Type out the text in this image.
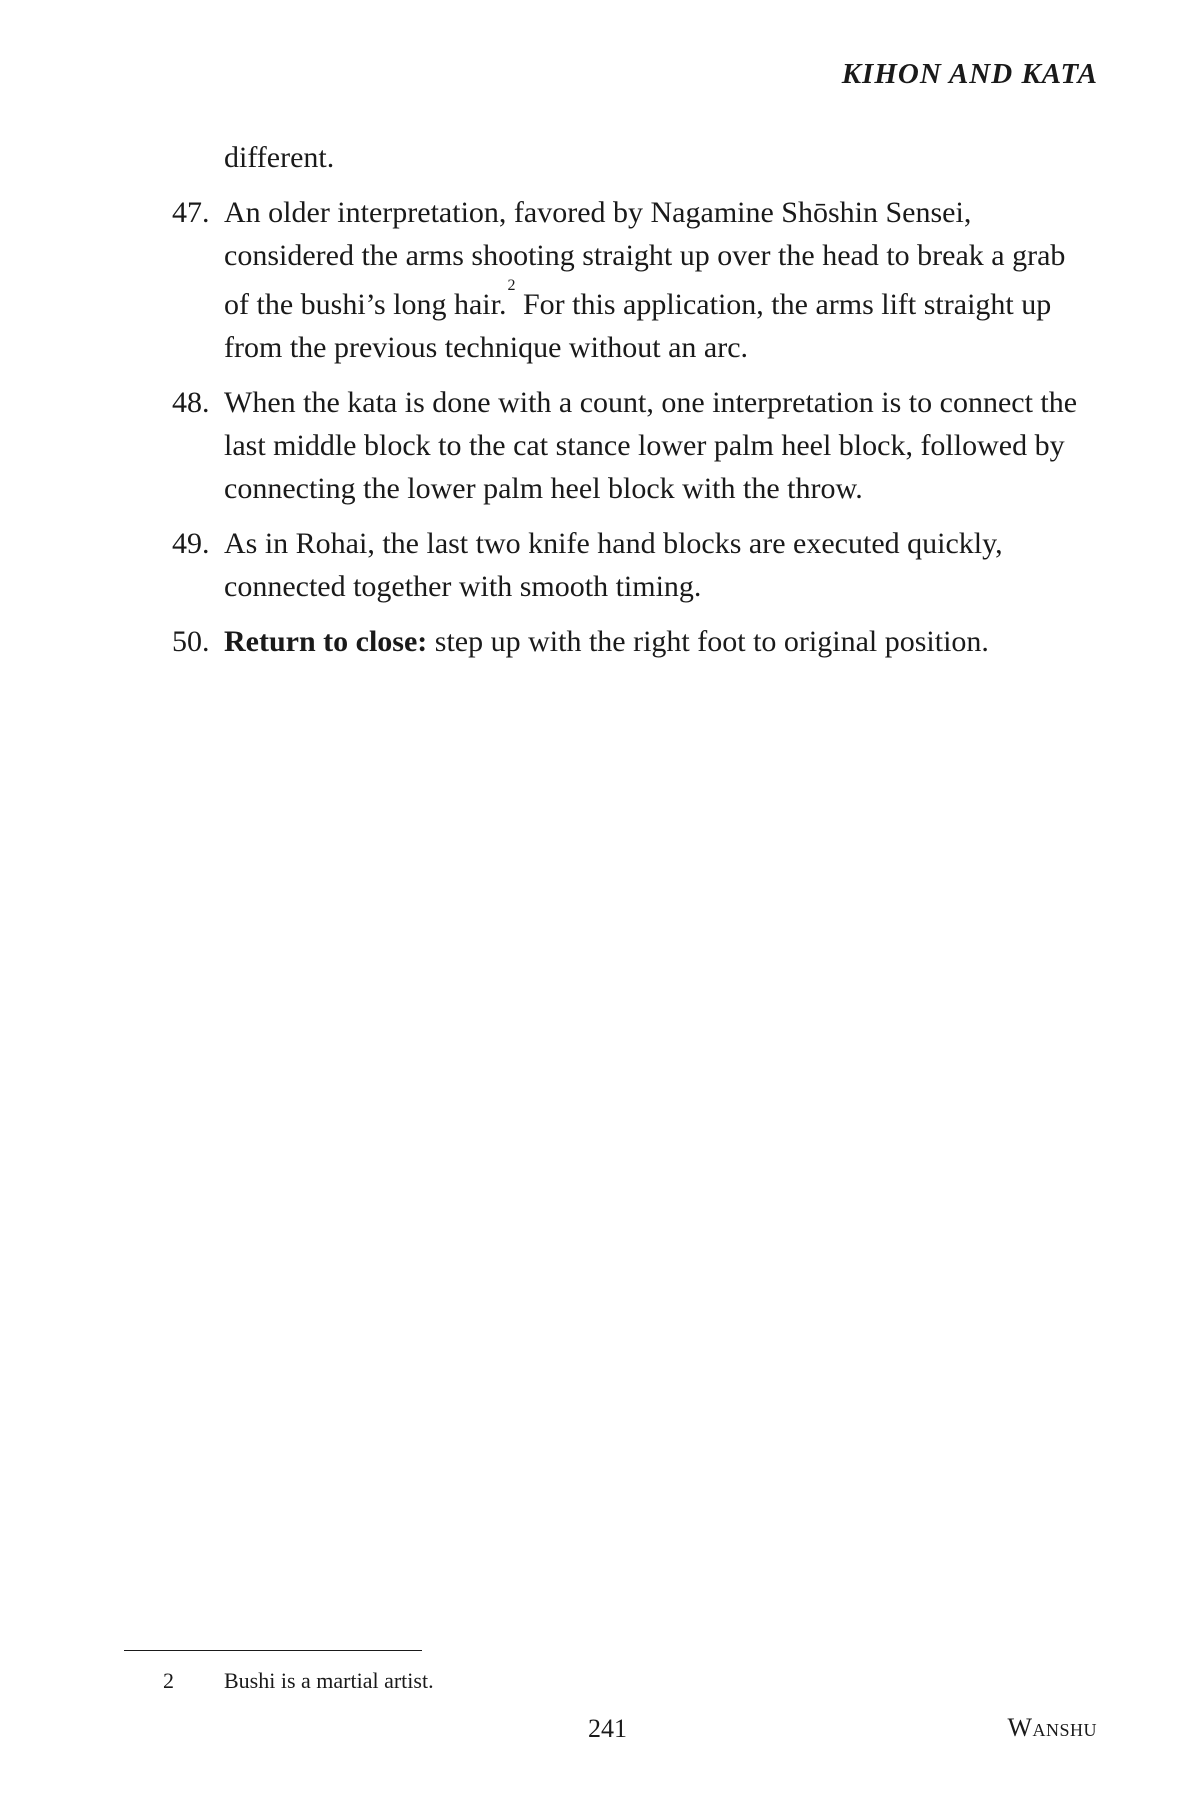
KIHON AND KATA

different.

47 . An older interpretation, favored by Nagamine Shōshin Sensei, considered the arms shooting straight up over the head to break a grab of the bushi’s long hair.$^2$ For this application, the arms lift straight up from the previous technique without an arc.
48 . When the kata is done with a count, one interpretation is to connect the last middle block to the cat stance lower palm heel block, followed by connecting the lower palm heel block with the throw.
49 . As in Rohai, the last two knife hand blocks are executed quickly, connected together with smooth timing.
50 . Return to close: step up with the right foot to original position.
2 Bushi is a martial artist.
241	Wanshu
